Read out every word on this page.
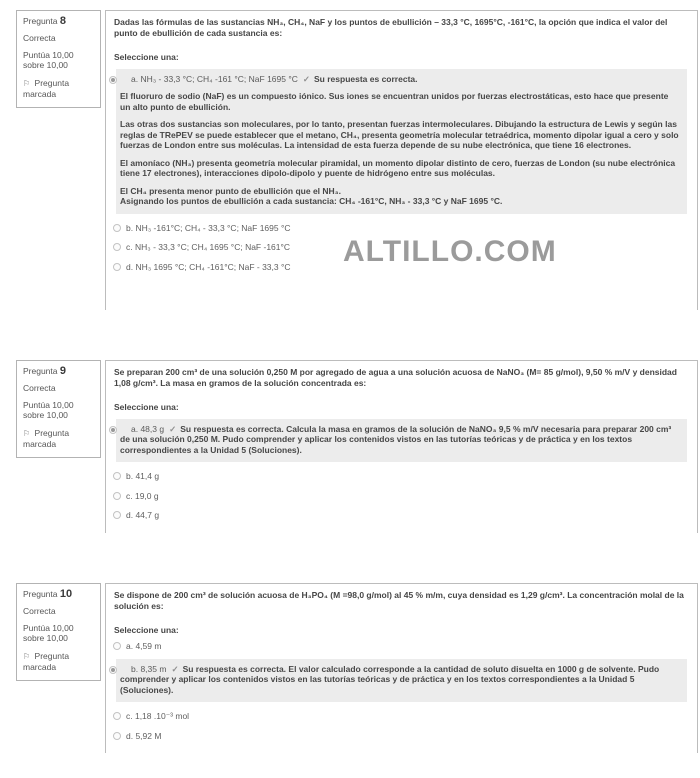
Pregunta 8
Correcta
Puntúa 10,00
sobre 10,00
⚐ Pregunta marcada
Dadas las fórmulas de las sustancias NH₃, CH₄, NaF y los puntos de ebullición – 33,3 °C, 1695°C, -161°C, la opción que indica el valor del punto de ebullición de cada sustancia es:
Seleccione una:
a. NH₃ - 33,3 °C; CH₄ -161 °C; NaF 1695 °C ✓ Su respuesta es correcta.

El fluoruro de sodio (NaF) es un compuesto iónico. Sus iones se encuentran unidos por fuerzas electrostáticas, esto hace que presente un alto punto de ebullición.

Las otras dos sustancias son moleculares, por lo tanto, presentan fuerzas intermoleculares. Dibujando la estructura de Lewis y según las reglas de TRePEV se puede establecer que el metano, CH₄, presenta geometría molecular tetraédrica, momento dipolar igual a cero y solo fuerzas de London entre sus moléculas. La intensidad de esta fuerza depende de su nube electrónica, que tiene 16 electrones.

El amoníaco (NH₃) presenta geometría molecular piramidal, un momento dipolar distinto de cero, fuerzas de London (su nube electrónica tiene 17 electrones), interacciones dipolo-dipolo y puente de hidrógeno entre sus moléculas.

El CH₄ presenta menor punto de ebullición que el NH₃.
Asignando los puntos de ebullición a cada sustancia: CH₄ -161°C, NH₃ - 33,3 °C y NaF 1695 °C.

b. NH₃ -161°C; CH₄ - 33,3 °C; NaF 1695 °C
c. NH₃ - 33,3 °C; CH₄ 1695 °C; NaF -161°C
d. NH₃ 1695 °C; CH₄ -161°C; NaF - 33,3 °C	ALTILLO.COM
Pregunta 9
Correcta
Puntúa 10,00
sobre 10,00
⚐ Pregunta marcada
Se preparan 200 cm³ de una solución 0,250 M por agregado de agua a una solución acuosa de NaNO₃ (M= 85 g/mol), 9,50 % m/V y densidad 1,08 g/cm³. La masa en gramos de la solución concentrada es:
Seleccione una:
a. 48,3 g ✓ Su respuesta es correcta. Calcula la masa en gramos de la solución de NaNO₃ 9,5 % m/V necesaria para preparar 200 cm³ de una solución 0,250 M. Pudo comprender y aplicar los contenidos vistos en las tutorías teóricas y de práctica y en los textos correspondientes a la Unidad 5 (Soluciones).
b. 41,4 g
c. 19,0 g
d. 44,7 g
Pregunta 10
Correcta
Puntúa 10,00
sobre 10,00
⚐ Pregunta marcada
Se dispone de 200 cm³ de solución acuosa de H₃PO₄ (M =98,0 g/mol) al 45 % m/m, cuya densidad es 1,29 g/cm³. La concentración molal de la solución es:
Seleccione una:
a. 4,59 m
b. 8,35 m ✓ Su respuesta es correcta. El valor calculado corresponde a la cantidad de soluto disuelta en 1000 g de solvente. Pudo comprender y aplicar los contenidos vistos en las tutorías teóricas y de práctica y en los textos correspondientes a la Unidad 5 (Soluciones).
c. 1,18 .10⁻³ mol
d. 5,92 M
